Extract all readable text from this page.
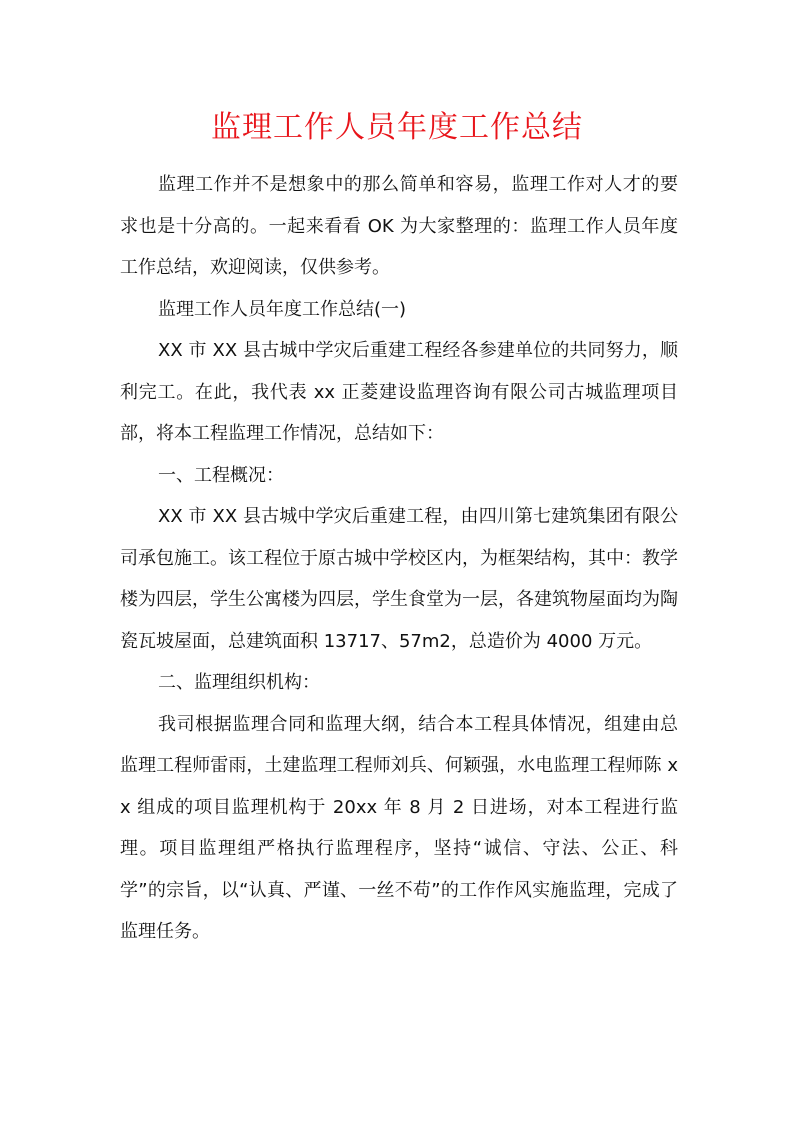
监理工作人员年度工作总结

监理工作并不是想象中的那么简单和容易，监理工作对人才的要求也是十分高的。一起来看看 OK 为大家整理的：监理工作人员年度工作总结，欢迎阅读，仅供参考。

监理工作人员年度工作总结(一)

XX 市 XX 县古城中学灾后重建工程经各参建单位的共同努力，顺利完工。在此，我代表 xx 正菱建设监理咨询有限公司古城监理项目部，将本工程监理工作情况，总结如下：

一、工程概况：

XX 市 XX 县古城中学灾后重建工程，由四川第七建筑集团有限公司承包施工。该工程位于原古城中学校区内，为框架结构，其中：教学楼为四层，学生公寓楼为四层，学生食堂为一层，各建筑物屋面均为陶瓷瓦坡屋面，总建筑面积 13717、57m2，总造价为 4000 万元。

二、监理组织机构：

我司根据监理合同和监理大纲，结合本工程具体情况，组建由总监理工程师雷雨，土建监理工程师刘兵、何颖强，水电监理工程师陈 xx 组成的项目监理机构于 20xx 年 8 月 2 日进场，对本工程进行监理。项目监理组严格执行监理程序，坚持“诚信、守法、公正、科学”的宗旨，以“认真、严谨、一丝不苟”的工作作风实施监理，完成了监理任务。
